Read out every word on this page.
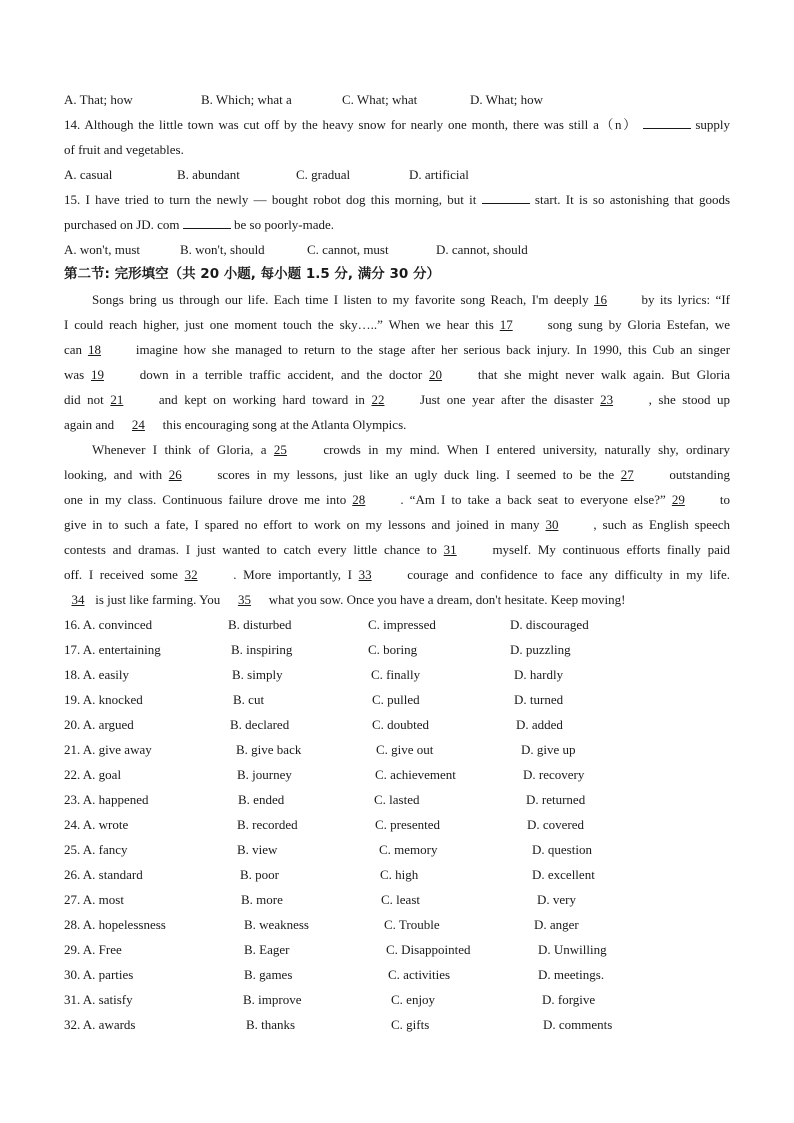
A. That; how	B. Which; what a	C. What; what	D. What; how
14. Although the little town was cut off by the heavy snow for nearly one month, there was still a（n）	supply
of fruit and vegetables.
A. casual	B. abundant	C. gradual	D. artificial
15. I have tried to turn the newly — bought robot dog this morning, but it	start. It is so astonishing that goods
purchased on JD. com	be so poorly-made.
A. won't, must	B. won't, should	C. cannot, must	D. cannot, should
第二节: 完形填空（共 20 小题, 每小题 1.5 分, 满分 30 分）
Songs bring us through our life. Each time I listen to my favorite song Reach, I'm deeply 16	by its lyrics: “If
I could reach higher, just one moment touch the sky…..” When we hear this 17	song sung by Gloria Estefan, we
can 18	imagine how she managed to return to the stage after her serious back injury. In 1990, this Cub an singer
was 19	down in a terrible traffic accident, and the doctor 20	that she might never walk again. But Gloria
did not 21	and kept on working hard toward in 22	Just one year after the disaster 23	, she stood up
again and 24 this encouraging song at the Atlanta Olympics.
Whenever I think of Gloria, a 25	crowds in my mind. When I entered university, naturally shy, ordinary
looking, and with 26	scores in my lessons, just like an ugly duck ling. I seemed to be the 27	outstanding
one in my class. Continuous failure drove me into 28	. “Am I to take a back seat to everyone else?” 29	to
give in to such a fate, I spared no effort to work on my lessons and joined in many 30	, such as English speech
contests and dramas. I just wanted to catch every little chance to 31	myself. My continuous efforts finally paid
off. I received some 32	. More importantly, I 33	courage and confidence to face any difficulty in my life.
34 is just like farming. You 35 what you sow. Once you have a dream, don't hesitate. Keep moving!
16. A. convinced	B. disturbed	C. impressed	D. discouraged
17. A. entertaining	B. inspiring	C. boring	D. puzzling
18. A. easily	B. simply	C. finally	D. hardly
19. A. knocked	B. cut	C. pulled	D. turned
20. A. argued	B. declared	C. doubted	D. added
21. A. give away	B. give back	C. give out	D. give up
22. A. goal	B. journey	C. achievement	D. recovery
23. A. happened	B. ended	C. lasted	D. returned
24. A. wrote	B. recorded	C. presented	D. covered
25. A. fancy	B. view	C. memory	D. question
26. A. standard	B. poor	C. high	D. excellent
27. A. most	B. more	C. least	D. very
28. A. hopelessness	B. weakness	C. Trouble	D. anger
29. A. Free	B. Eager	C. Disappointed	D. Unwilling
30. A. parties	B. games	C. activities	D. meetings.
31. A. satisfy	B. improve	C. enjoy	D. forgive
32. A. awards	B. thanks	C. gifts	D. comments
